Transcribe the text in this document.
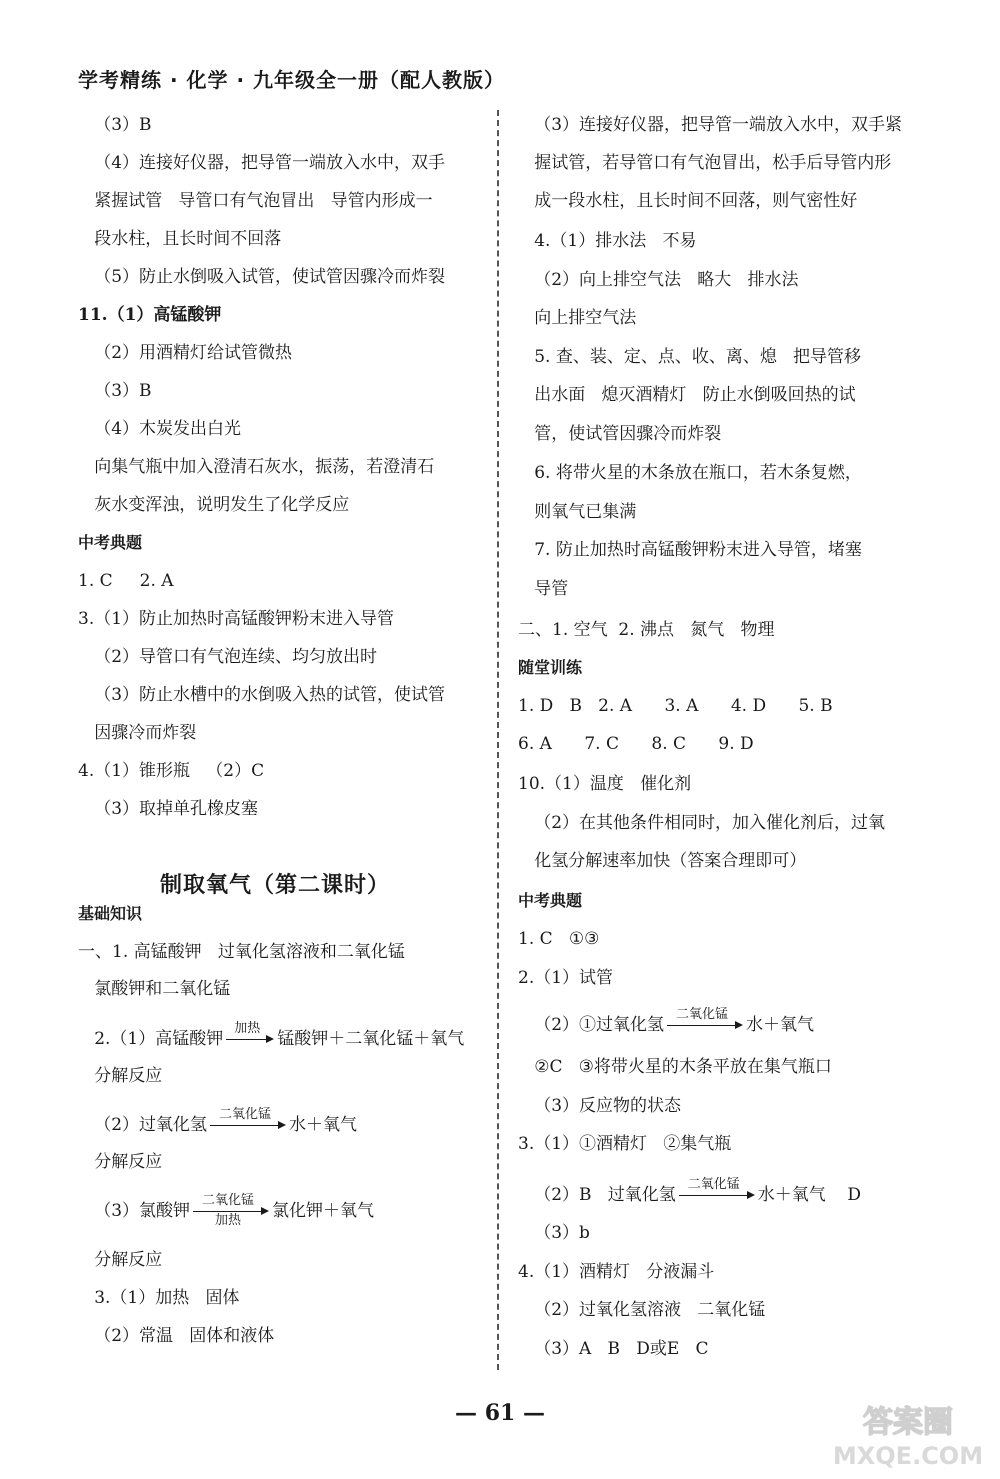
学考精练 · 化学 · 九年级全一册（配人教版）
（3）B
（4）连接好仪器，把导管一端放入水中，双手
紧握试管   导管口有气泡冒出   导管内形成一
段水柱，且长时间不回落
（5）防止水倒吸入试管，使试管因骤冷而炸裂
11.（1）高锰酸钾
（2）用酒精灯给试管微热
（3）B
（4）木炭发出白光
向集气瓶中加入澄清石灰水，振荡，若澄清石
灰水变浑浊，说明发生了化学反应
中考典题
1. C     2. A
3.（1）防止加热时高锰酸钾粉末进入导管
（2）导管口有气泡连续、均匀放出时
（3）防止水槽中的水倒吸入热的试管，使试管
因骤冷而炸裂
4.（1）锥形瓶   （2）C
（3）取掉单孔橡皮塞
制取氧气（第二课时）
基础知识
一、1. 高锰酸钾   过氧化氢溶液和二氧化锰
氯酸钾和二氧化锰
2.（1）高锰酸钾
加热
锰酸钾＋二氧化锰＋氧气
分解反应
（2）过氧化氢
二氧化锰
水＋氧气
分解反应
（3）氯酸钾
二氧化锰
加热	氯化钾＋氧气
分解反应
3.（1）加热   固体
（2）常温   固体和液体
（3）连接好仪器，把导管一端放入水中，双手紧
握试管，若导管口有气泡冒出，松手后导管内形
成一段水柱，且长时间不回落，则气密性好
4.（1）排水法   不易
（2）向上排空气法   略大   排水法
向上排空气法
5. 查、装、定、点、收、离、熄   把导管移
出水面   熄灭酒精灯   防止水倒吸回热的试
管，使试管因骤冷而炸裂
6. 将带火星的木条放在瓶口，若木条复燃，
则氧气已集满
7. 防止加热时高锰酸钾粉末进入导管，堵塞
导管
二、1. 空气  2. 沸点   氮气   物理
随堂训练
1. D   B   2. A      3. A      4. D      5. B
6. A      7. C      8. C      9. D
10.（1）温度   催化剂
（2）在其他条件相同时，加入催化剂后，过氧
化氢分解速率加快（答案合理即可）
中考典题
1. C   ①③
2.（1）试管
（2）①过氧化氢
二氧化锰
水＋氧气
②C   ③将带火星的木条平放在集气瓶口
（3）反应物的状态
3.（1）①酒精灯   ②集气瓶
（2）B   过氧化氢
二氧化锰
水＋氧气    D
（3）b
4.（1）酒精灯   分液漏斗
（2）过氧化氢溶液   二氧化锰
（3）A   B   D或E   C
— 61 —	答案圈
MXQE.COM
